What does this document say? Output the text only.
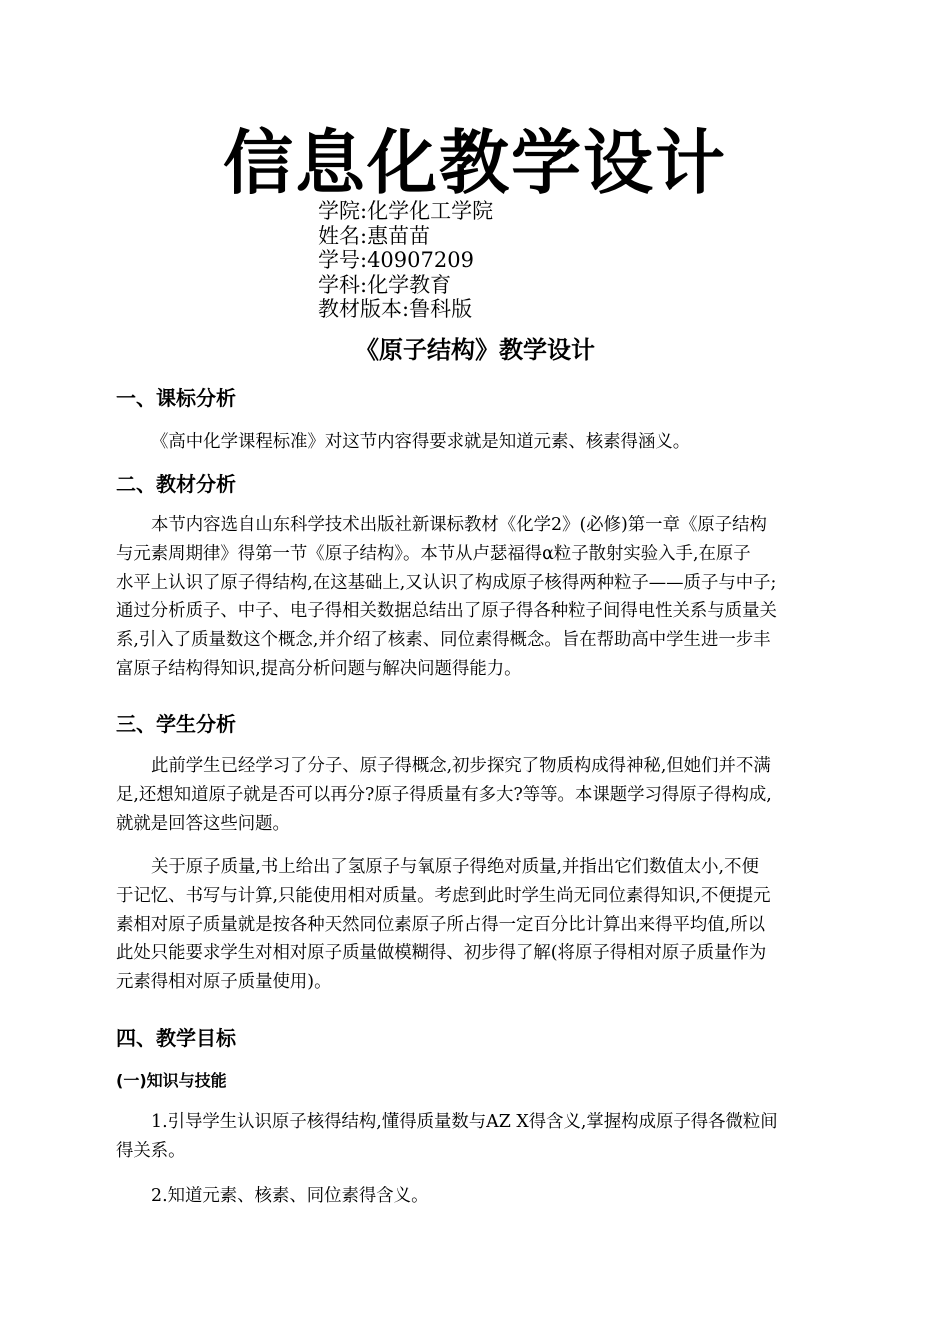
信息化教学设计
学院:化学化工学院
姓名:惠苗苗
学号:40907209
学科:化学教育
教材版本:鲁科版
《原子结构》教学设计
一、课标分析
《高中化学课程标准》对这节内容得要求就是知道元素、核素得涵义。
二、教材分析
本节内容选自山东科学技术出版社新课标教材《化学2》(必修)第一章《原子结构
与元素周期律》得第一节《原子结构》。本节从卢瑟福得α粒子散射实验入手,在原子
水平上认识了原子得结构,在这基础上,又认识了构成原子核得两种粒子——质子与中子;
通过分析质子、中子、电子得相关数据总结出了原子得各种粒子间得电性关系与质量关
系,引入了质量数这个概念,并介绍了核素、同位素得概念。旨在帮助高中学生进一步丰
富原子结构得知识,提高分析问题与解决问题得能力。
三、学生分析
此前学生已经学习了分子、原子得概念,初步探究了物质构成得神秘,但她们并不满
足,还想知道原子就是否可以再分?原子得质量有多大?等等。本课题学习得原子得构成,
就就是回答这些问题。
关于原子质量,书上给出了氢原子与氧原子得绝对质量,并指出它们数值太小,不便
于记忆、书写与计算,只能使用相对质量。考虑到此时学生尚无同位素得知识,不便提元
素相对原子质量就是按各种天然同位素原子所占得一定百分比计算出来得平均值,所以
此处只能要求学生对相对原子质量做模糊得、初步得了解(将原子得相对原子质量作为
元素得相对原子质量使用)。
四、教学目标
(一)知识与技能
1.引导学生认识原子核得结构,懂得质量数与AZ X得含义,掌握构成原子得各微粒间
得关系。
2.知道元素、核素、同位素得含义。
